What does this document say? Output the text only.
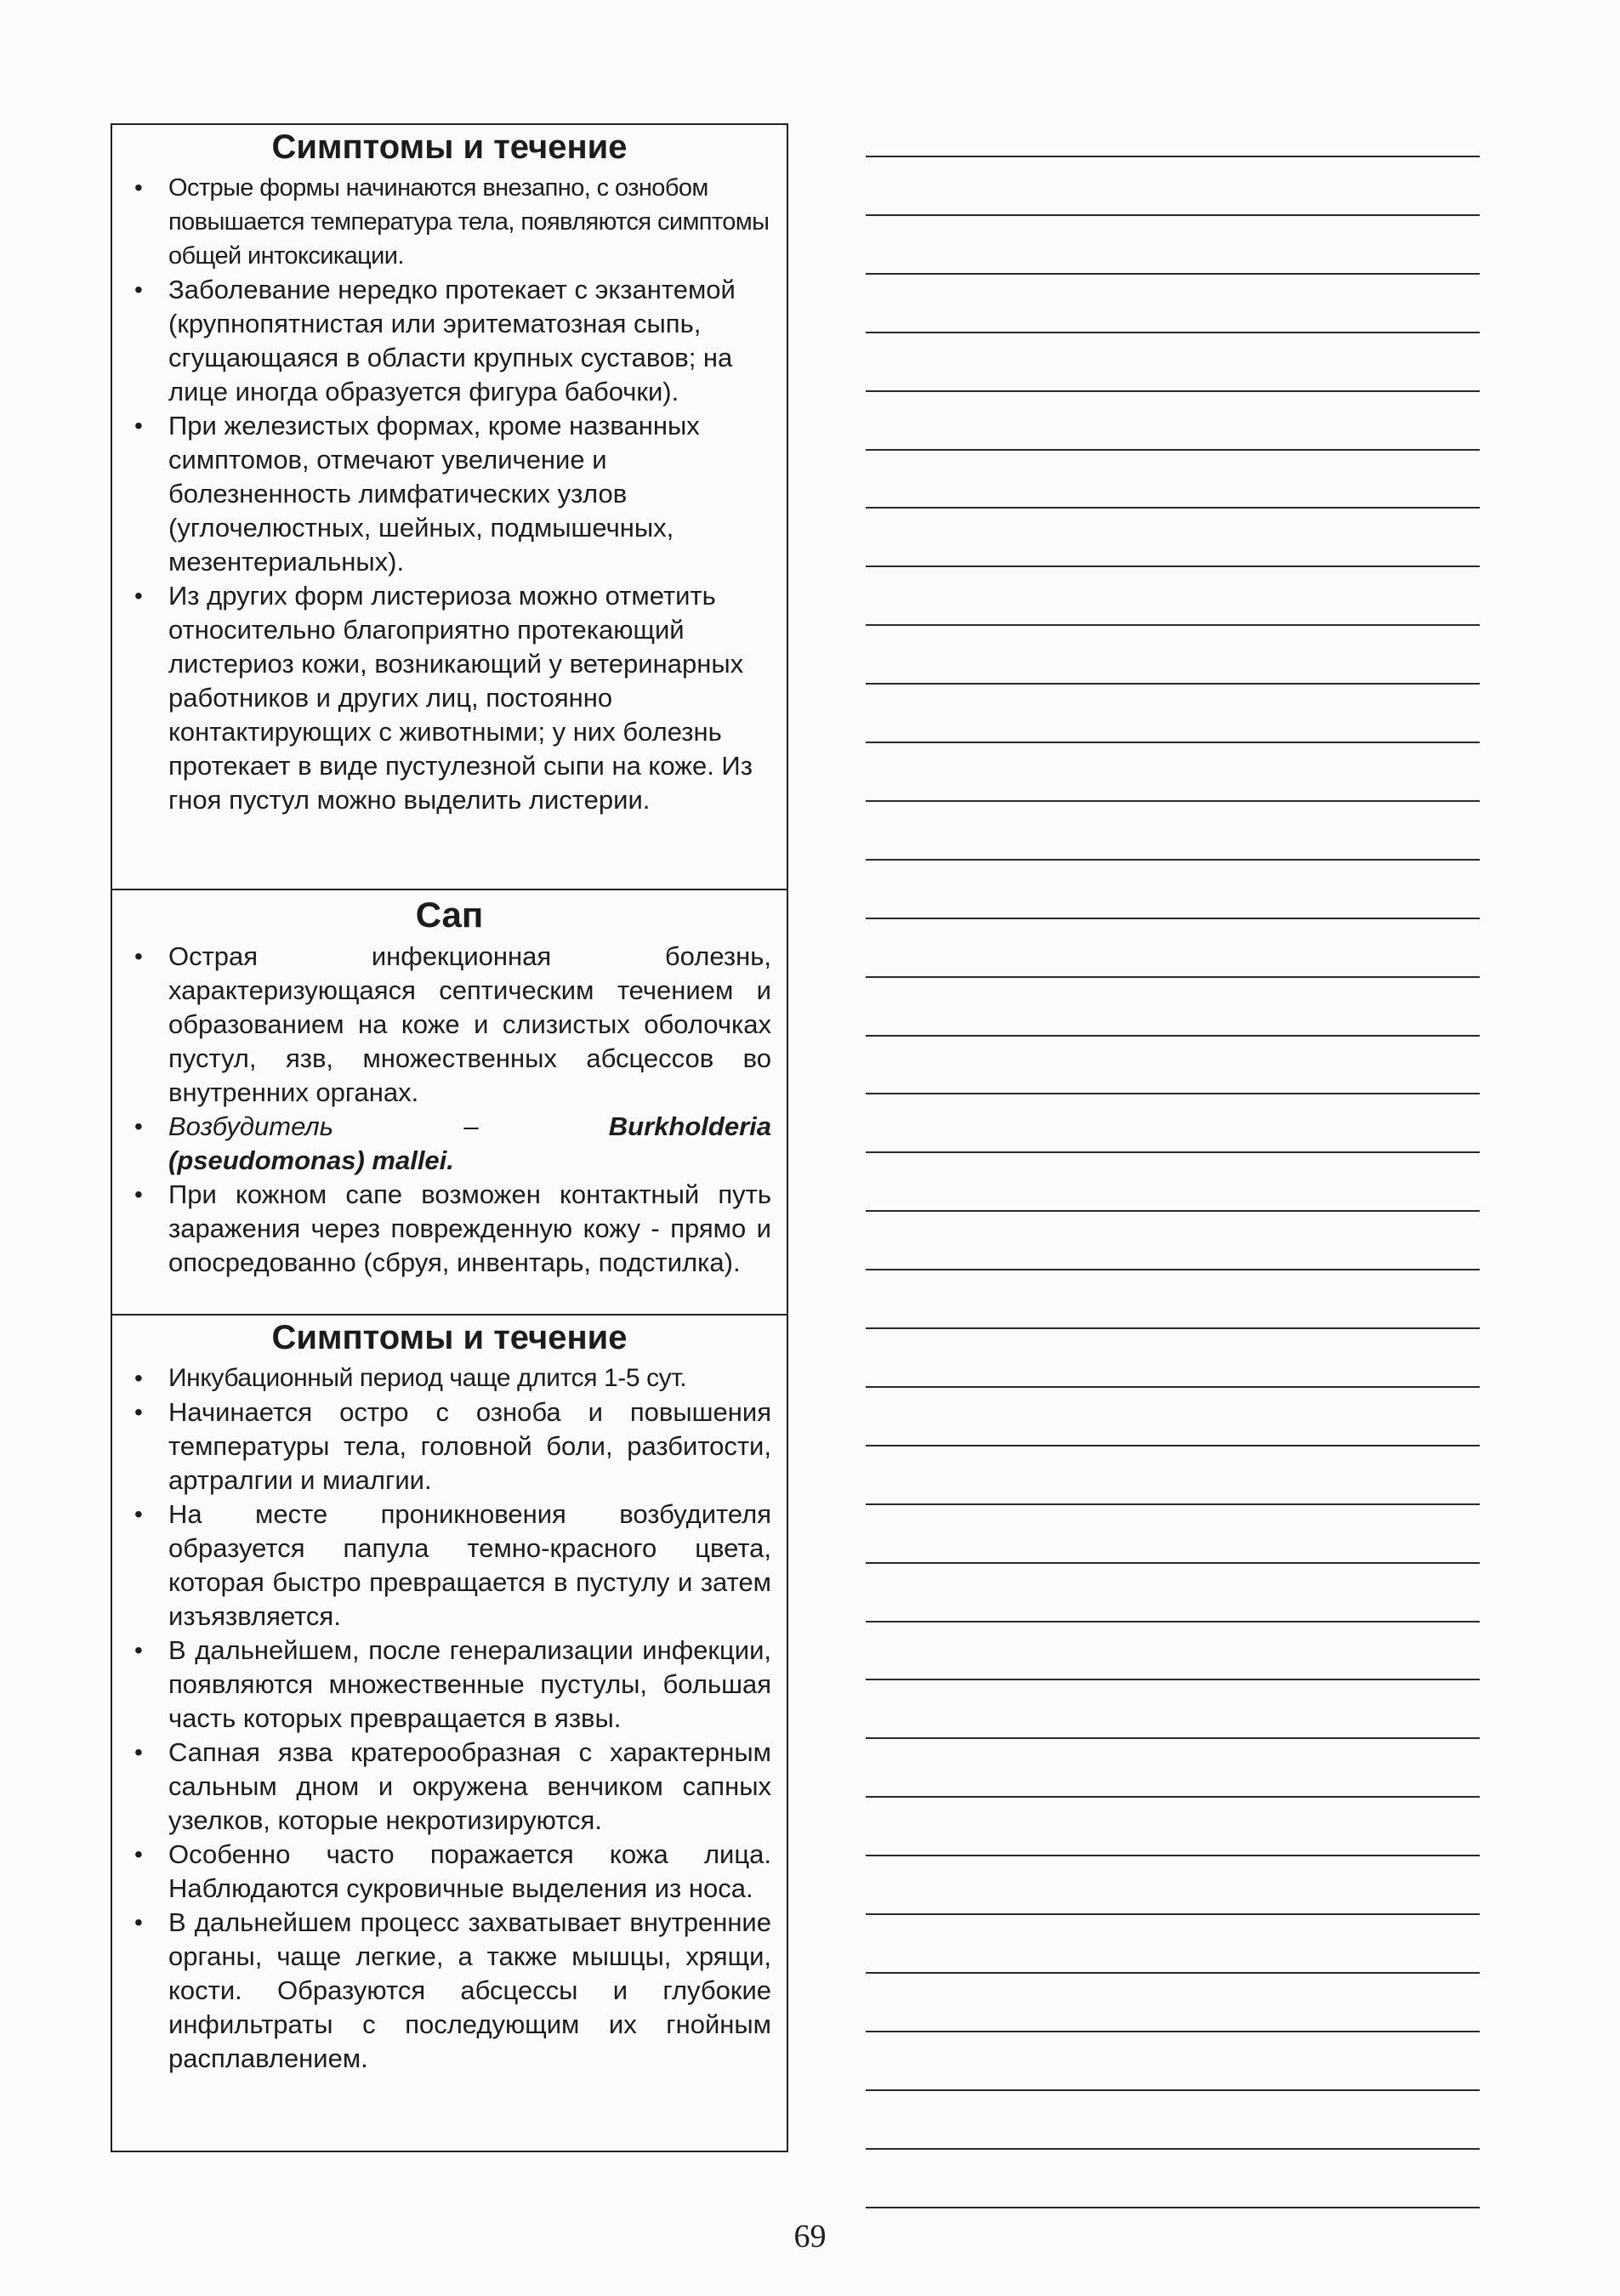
Симптомы и течение
• Острые формы начинаются внезапно, с ознобом повышается температура тела, появляются симптомы общей интоксикации.
• Заболевание нередко протекает с экзантемой (крупнопятнистая или эритематозная сыпь, сгущающаяся в области крупных суставов; на лице иногда образуется фигура бабочки).
• При железистых формах, кроме названных симптомов, отмечают увеличение и болезненность лимфатических узлов (углочелюстных, шейных, подмышечных, мезентериальных).
• Из других форм листериоза можно отметить относительно благоприятно протекающий листериоз кожи, возникающий у ветеринарных работников и других лиц, постоянно контактирующих с животными; у них болезнь протекает в виде пустулезной сыпи на коже. Из гноя пустул можно выделить листерии.
Сап
• Острая инфекционная болезнь, характеризующаяся септическим течением и образованием на коже и слизистых оболочках пустул, язв, множественных абсцессов во внутренних органах.
• Возбудитель	–	Burkholderia
(pseudomonas) mallei.
• При кожном сапе возможен контактный путь заражения через поврежденную кожу - прямо и опосредованно (сбруя, инвентарь, подстилка).
Симптомы и течение
• Инкубационный период чаще длится 1-5 сут.
• Начинается остро с озноба и повышения температуры тела, головной боли, разбитости, артралгии и миалгии.
• На месте проникновения возбудителя образуется папула темно-красного цвета, которая быстро превращается в пустулу и затем изъязвляется.
• В дальнейшем, после генерализации инфекции, появляются множественные пустулы, большая часть которых превращается в язвы.
• Сапная язва кратерообразная с характерным сальным дном и окружена венчиком сапных узелков, которые некротизируются.
• Особенно часто поражается кожа лица. Наблюдаются сукровичные выделения из носа.
• В дальнейшем процесс захватывает внутренние органы, чаще легкие, а также мышцы, хрящи, кости. Образуются абсцессы и глубокие инфильтраты с последующим их гнойным расплавлением.
69
